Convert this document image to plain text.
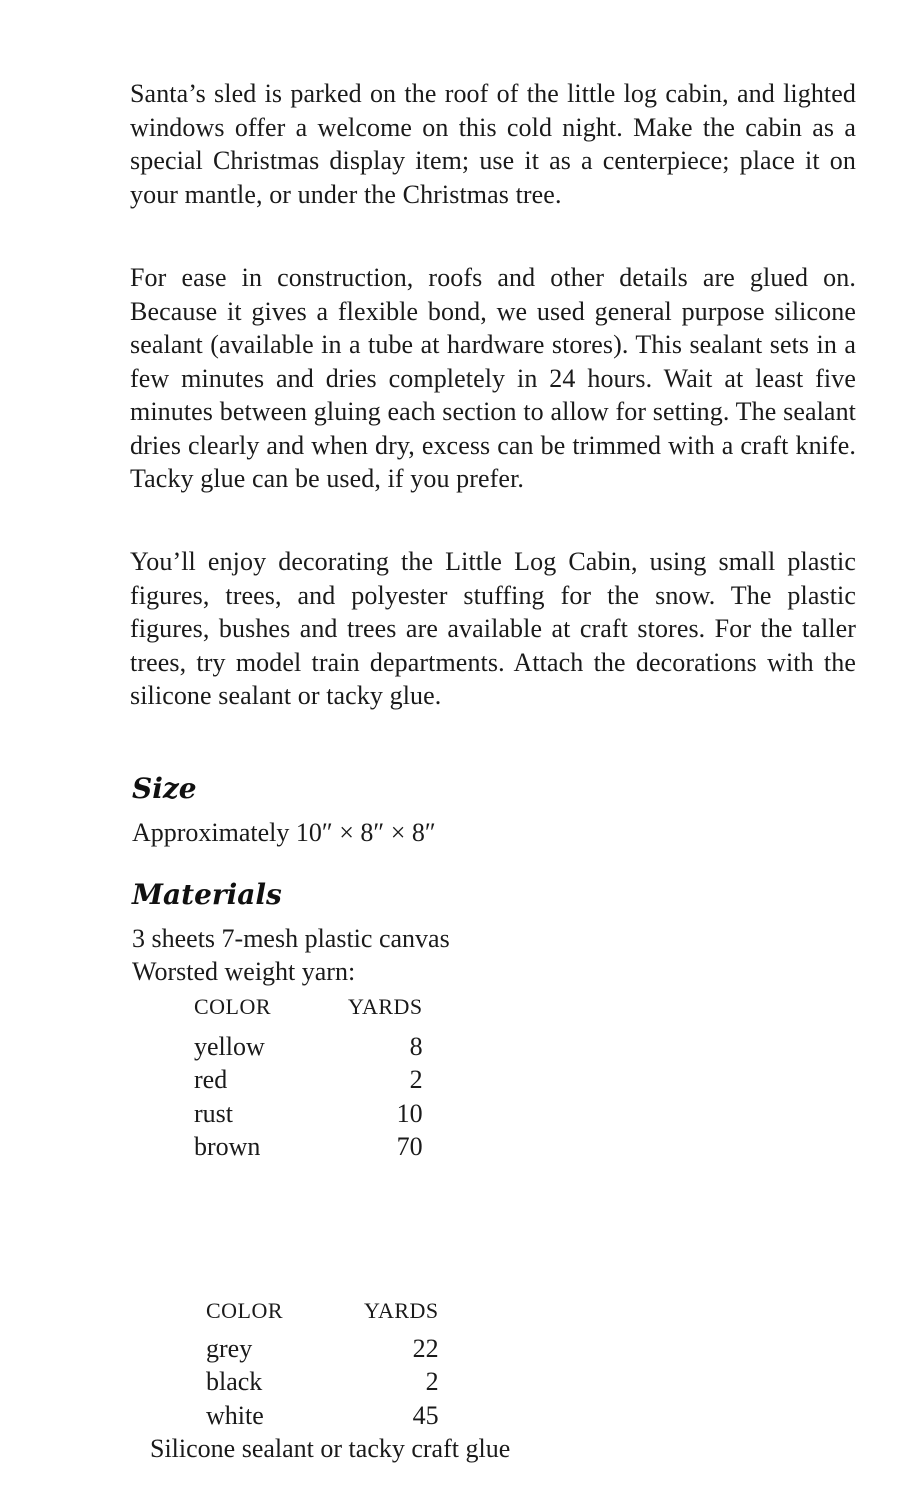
Santa’s sled is parked on the roof of the little log cabin, and lighted windows offer a welcome on this cold night. Make the cabin as a special Christmas display item; use it as a centerpiece; place it on your mantle, or under the Christmas tree.

For ease in construction, roofs and other details are glued on. Because it gives a flexible bond, we used general purpose silicone sealant (available in a tube at hardware stores). This sealant sets in a few minutes and dries completely in 24 hours. Wait at least five minutes between gluing each section to allow for setting. The sealant dries clearly and when dry, excess can be trimmed with a craft knife. Tacky glue can be used, if you prefer.

You’ll enjoy decorating the Little Log Cabin, using small plastic figures, trees, and polyester stuffing for the snow. The plastic figures, bushes and trees are available at craft stores. For the taller trees, try model train departments. Attach the decorations with the silicone sealant or tacky glue.

Size

Approximately 10″ × 8″ × 8″

Materials

3 sheets 7-mesh plastic canvas

Worsted weight yarn:

COLOR	YARDS
yellow	8
red	2
rust	10
brown	70
COLOR	YARDS
grey	22
black	2
white	45

Silicone sealant or tacky craft glue
